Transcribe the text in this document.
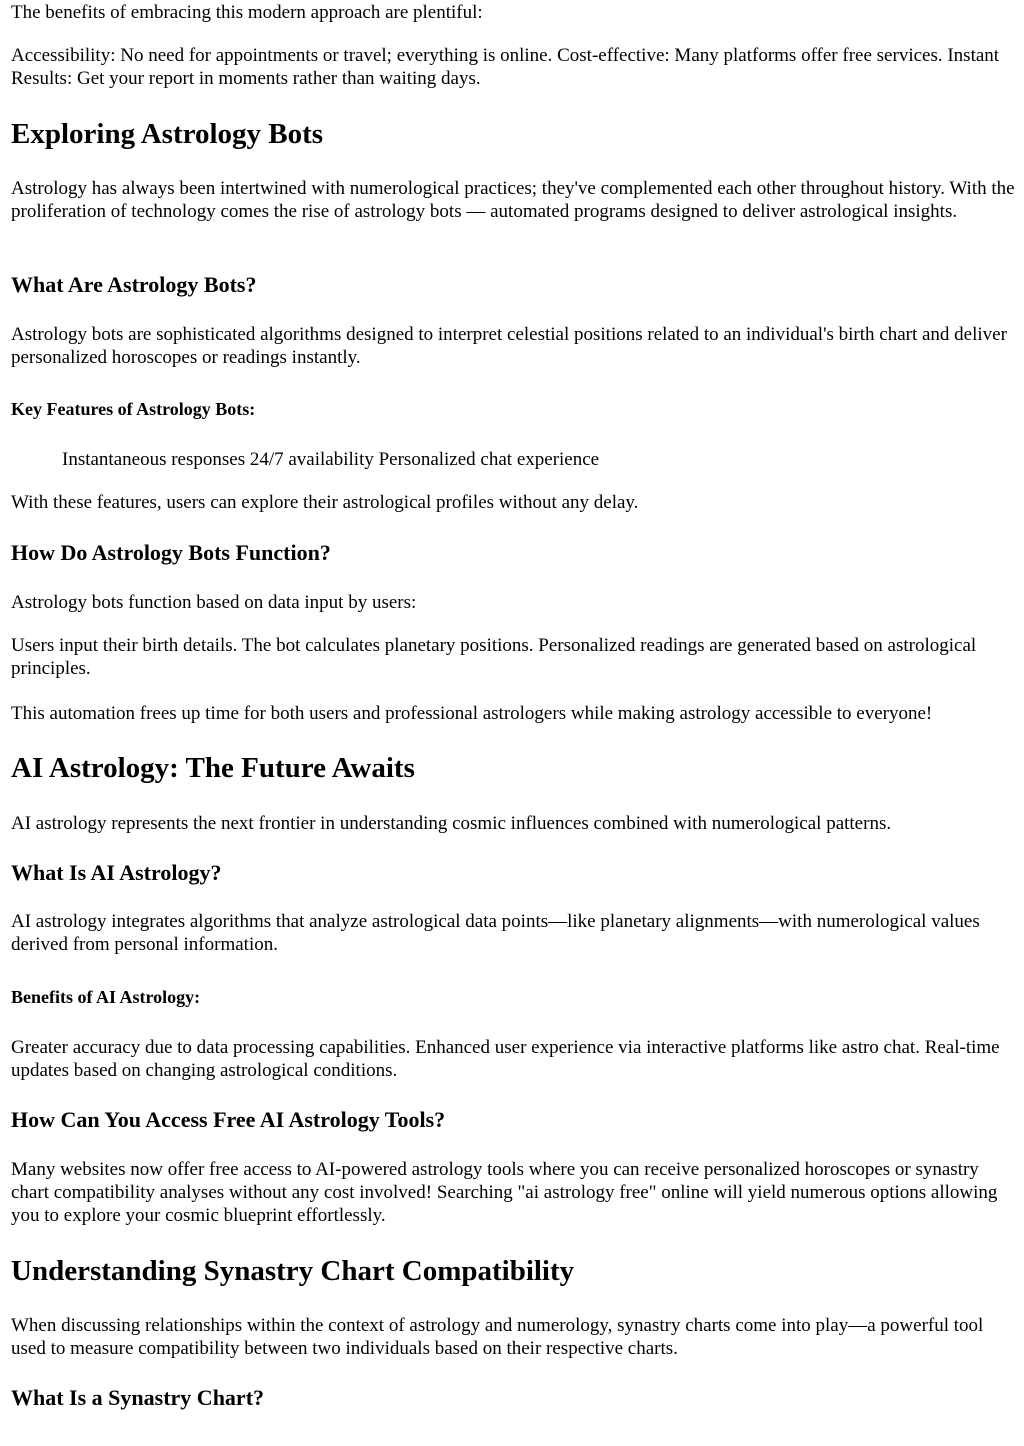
The benefits of embracing this modern approach are plentiful:

Accessibility: No need for appointments or travel; everything is online. Cost-effective: Many platforms offer free services. Instant Results: Get your report in moments rather than waiting days.

Exploring Astrology Bots

Astrology has always been intertwined with numerological practices; they've complemented each other throughout history. With the proliferation of technology comes the rise of astrology bots — automated programs designed to deliver astrological insights.

What Are Astrology Bots?

Astrology bots are sophisticated algorithms designed to interpret celestial positions related to an individual's birth chart and deliver personalized horoscopes or readings instantly.

Key Features of Astrology Bots:

Instantaneous responses 24/7 availability Personalized chat experience

With these features, users can explore their astrological profiles without any delay.

How Do Astrology Bots Function?

Astrology bots function based on data input by users:

Users input their birth details. The bot calculates planetary positions. Personalized readings are generated based on astrological principles.

This automation frees up time for both users and professional astrologers while making astrology accessible to everyone!

AI Astrology: The Future Awaits

AI astrology represents the next frontier in understanding cosmic influences combined with numerological patterns.

What Is AI Astrology?

AI astrology integrates algorithms that analyze astrological data points—like planetary alignments—with numerological values derived from personal information.

Benefits of AI Astrology:

Greater accuracy due to data processing capabilities. Enhanced user experience via interactive platforms like astro chat. Real-time updates based on changing astrological conditions.

How Can You Access Free AI Astrology Tools?

Many websites now offer free access to AI-powered astrology tools where you can receive personalized horoscopes or synastry chart compatibility analyses without any cost involved! Searching "ai astrology free" online will yield numerous options allowing you to explore your cosmic blueprint effortlessly.

Understanding Synastry Chart Compatibility

When discussing relationships within the context of astrology and numerology, synastry charts come into play—a powerful tool used to measure compatibility between two individuals based on their respective charts.

What Is a Synastry Chart?
